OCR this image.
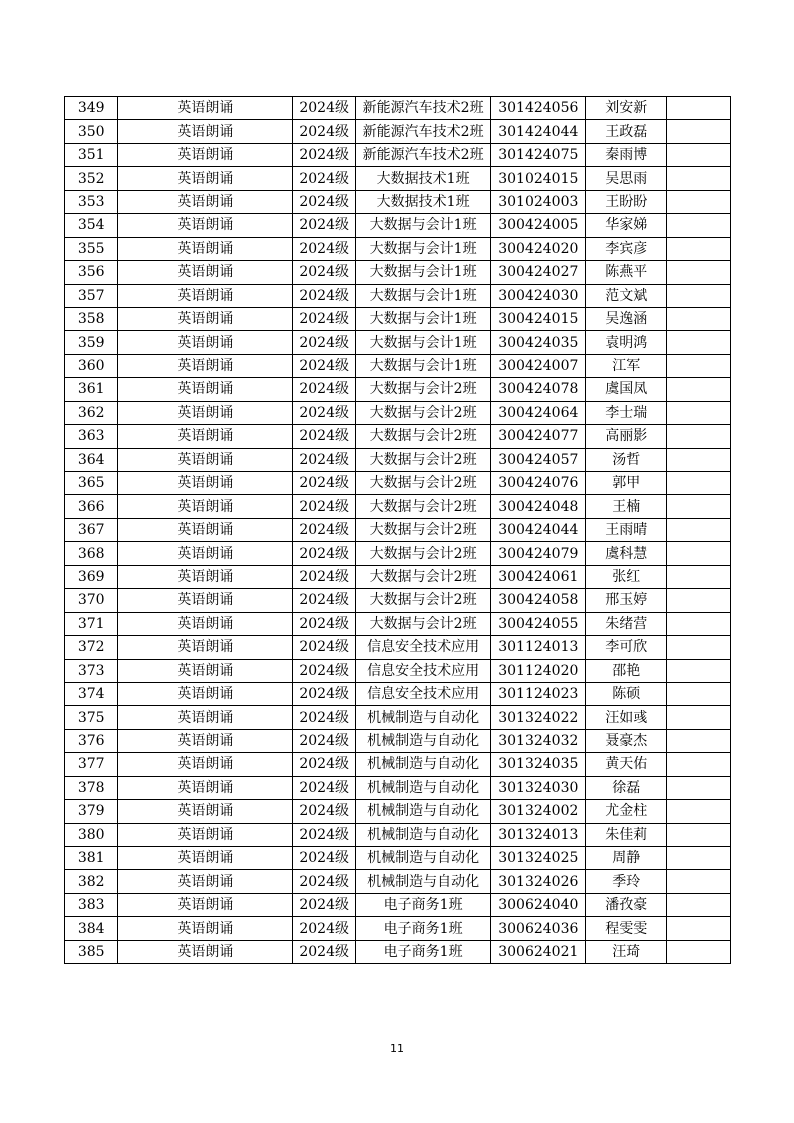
349	英语朗诵	2024级	新能源汽车技术2班	301424056	刘安新	
350	英语朗诵	2024级	新能源汽车技术2班	301424044	王政磊	
351	英语朗诵	2024级	新能源汽车技术2班	301424075	秦雨博	
352	英语朗诵	2024级	大数据技术1班	301024015	吴思雨	
353	英语朗诵	2024级	大数据技术1班	301024003	王盼盼	
354	英语朗诵	2024级	大数据与会计1班	300424005	华家娣	
355	英语朗诵	2024级	大数据与会计1班	300424020	李宾彦	
356	英语朗诵	2024级	大数据与会计1班	300424027	陈燕平	
357	英语朗诵	2024级	大数据与会计1班	300424030	范文斌	
358	英语朗诵	2024级	大数据与会计1班	300424015	吴逸涵	
359	英语朗诵	2024级	大数据与会计1班	300424035	袁明鸿	
360	英语朗诵	2024级	大数据与会计1班	300424007	江军	
361	英语朗诵	2024级	大数据与会计2班	300424078	虞国凤	
362	英语朗诵	2024级	大数据与会计2班	300424064	李士瑞	
363	英语朗诵	2024级	大数据与会计2班	300424077	高丽影	
364	英语朗诵	2024级	大数据与会计2班	300424057	汤哲	
365	英语朗诵	2024级	大数据与会计2班	300424076	郭甲	
366	英语朗诵	2024级	大数据与会计2班	300424048	王楠	
367	英语朗诵	2024级	大数据与会计2班	300424044	王雨晴	
368	英语朗诵	2024级	大数据与会计2班	300424079	虞科慧	
369	英语朗诵	2024级	大数据与会计2班	300424061	张红	
370	英语朗诵	2024级	大数据与会计2班	300424058	邢玉婷	
371	英语朗诵	2024级	大数据与会计2班	300424055	朱绪营	
372	英语朗诵	2024级	信息安全技术应用	301124013	李可欣	
373	英语朗诵	2024级	信息安全技术应用	301124020	邵艳	
374	英语朗诵	2024级	信息安全技术应用	301124023	陈硕	
375	英语朗诵	2024级	机械制造与自动化	301324022	汪如彧	
376	英语朗诵	2024级	机械制造与自动化	301324032	聂豪杰	
377	英语朗诵	2024级	机械制造与自动化	301324035	黄天佑	
378	英语朗诵	2024级	机械制造与自动化	301324030	徐磊	
379	英语朗诵	2024级	机械制造与自动化	301324002	尤金柱	
380	英语朗诵	2024级	机械制造与自动化	301324013	朱佳莉	
381	英语朗诵	2024级	机械制造与自动化	301324025	周静	
382	英语朗诵	2024级	机械制造与自动化	301324026	季玲	
383	英语朗诵	2024级	电子商务1班	300624040	潘孜豪	
384	英语朗诵	2024级	电子商务1班	300624036	程雯雯	
385	英语朗诵	2024级	电子商务1班	300624021	汪琦	
11
